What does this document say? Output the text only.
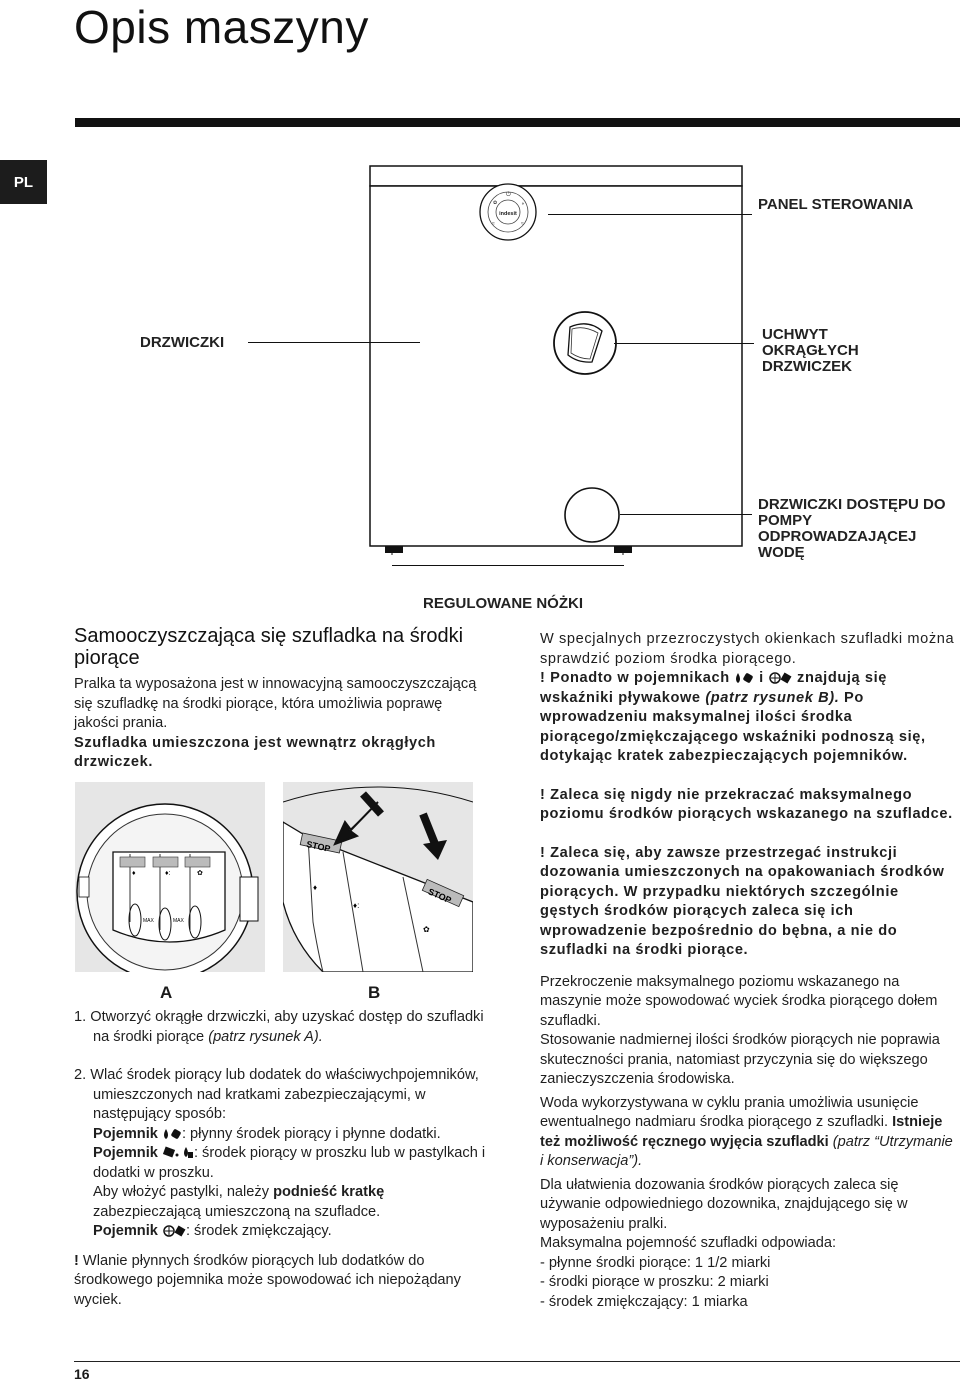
Opis maszyny
PL
indesit
✿
⏻
◑
≈	≈
PANEL STEROWANIA
DRZWICZKI	UCHWYT OKRĄGŁYCH DRZWICZEK
DRZWICZKI DOSTĘPU DO POMPY ODPROWADZAJĄCEJ WODĘ
REGULOWANE NÓŻKI
Samooczyszczająca się szufladka na środki piorące

Pralka ta wyposażona jest w innowacyjną samooczyszczającą się szufladkę na środki piorące, która umożliwia poprawę jakości prania.

Szufladka umieszczona jest wewnątrz okrągłych drzwiczek.

♦	♦:	✿
MAX	MAX
A
STOP
STOP
♦
♦:
✿
B

1. Otworzyć okrągłe drzwiczki, aby uzyskać dostęp do szufladki na środki piorące (patrz rysunek A).

2. Wlać środek piorący lub dodatek do właściwychpojemników, umieszczonych nad kratkami zabezpieczającymi, w następujący sposób:

Pojemnik : płynny środek piorący i płynne dodatki.

Pojemnik : środek piorący w proszku lub w pastylkach i dodatki w proszku.

Aby włożyć pastylki, należy podnieść kratkę zabezpieczającą umieszczoną na szufladce.

Pojemnik : środek zmiękczający.

! Wlanie płynnych środków piorących lub dodatków do środkowego pojemnika może spowodować ich niepożądany wyciek.

W specjalnych przezroczystych okienkach szufladki można sprawdzić poziom środka piorącego.

! Ponadto w pojemnikach i znajdują się wskaźniki pływakowe (patrz rysunek B). Po wprowadzeniu maksymalnej ilości środka piorącego/zmiękczającego wskaźniki podnoszą się, dotykając kratek zabezpieczających pojemników.

! Zaleca się nigdy nie przekraczać maksymalnego poziomu środków piorących wskazanego na szufladce.

! Zaleca się, aby zawsze przestrzegać instrukcji dozowania umieszczonych na opakowaniach środków piorących. W przypadku niektórych szczególnie gęstych środków piorących zaleca się ich wprowadzenie bezpośrednio do bębna, a nie do szufladki na środki piorące.

Przekroczenie maksymalnego poziomu wskazanego na maszynie może spowodować wyciek środka piorącego dołem szufladki.

Stosowanie nadmiernej ilości środków piorących nie poprawia skuteczności prania, natomiast przyczynia się do większego zanieczyszczenia środowiska.

Woda wykorzystywana w cyklu prania umożliwia usunięcie ewentualnego nadmiaru środka piorącego z szufladki. Istnieje też możliwość ręcznego wyjęcia szufladki (patrz “Utrzymanie i konserwacja”).

Dla ułatwienia dozowania środków piorących zaleca się używanie odpowiedniego dozownika, znajdującego się w wyposażeniu pralki.

Maksymalna pojemność szufladki odpowiada:

- płynne środki piorące: 1 1/2 miarki

- środki piorące w proszku: 2 miarki

- środek zmiękczający: 1 miarka

16
